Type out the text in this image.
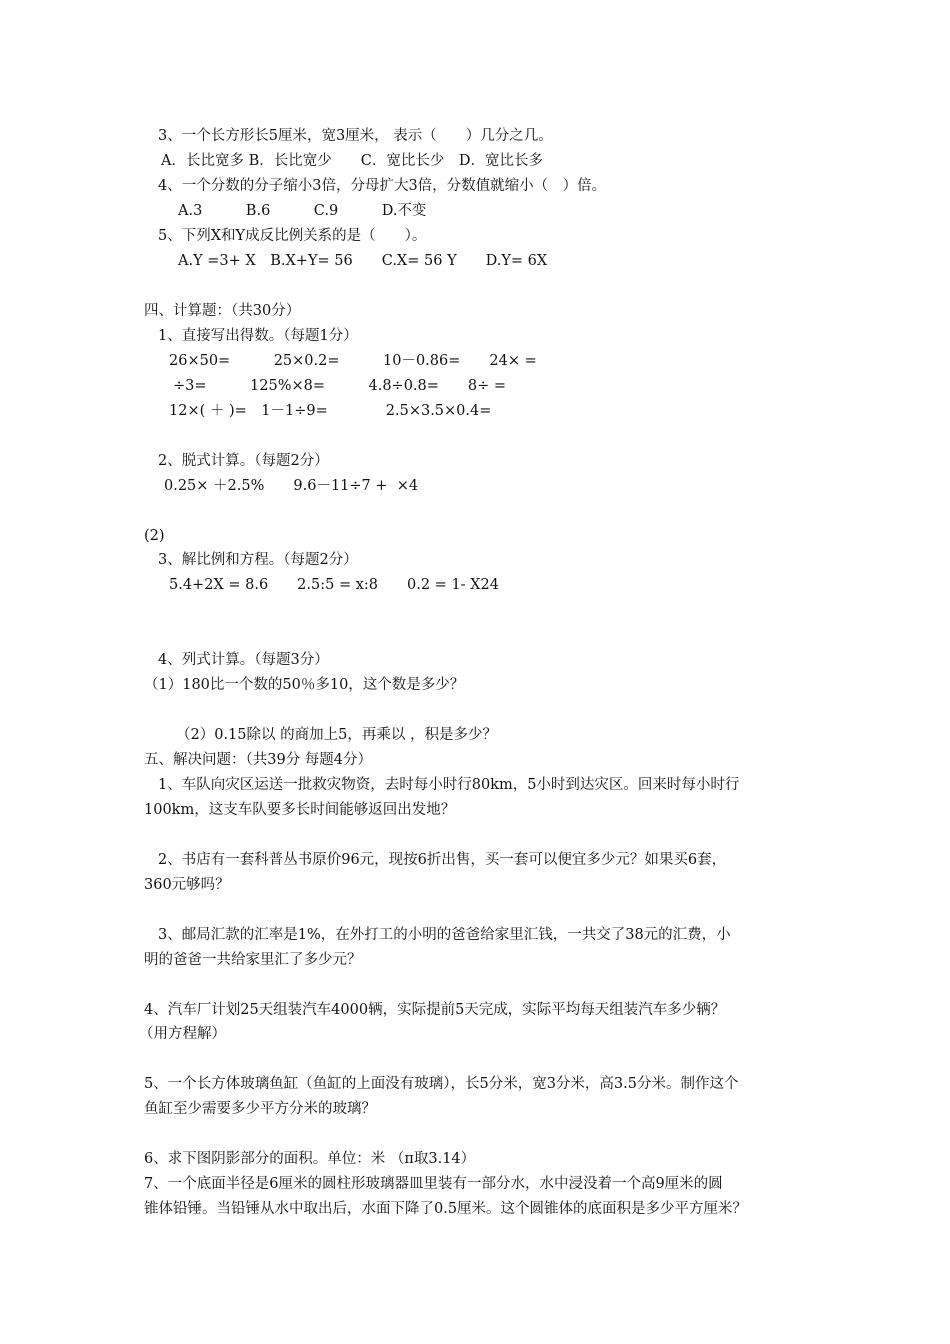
3、一个长方形长5厘米，宽3厘米， 表示（　　）几分之几。
A．长比宽多 B．长比宽少　　C．宽比长少　D．宽比长多
4、一个分数的分子缩小3倍，分母扩大3倍，分数值就缩小（　）倍。
A.3　　　B.6　　　C.9　　　D.不变
5、下列X和Y成反比例关系的是（　　）。
A.Y =3+ X　B.X+Y= 56　　C.X= 56 Y　　D.Y= 6X
四、计算题：（共30分）
1、直接写出得数。（每题1分）
26×50=　　　25×0.2=　　　10－0.86=　　24× =
÷3=　　　125%×8=　　　4.8÷0.8=　　8÷ =
12×( ＋ )=　1－1÷9=　　　　2.5×3.5×0.4=
2、脱式计算。（每题2分）
0.25× ＋2.5%　　9.6－11÷7 +  ×4
(2)
3、解比例和方程。（每题2分）
5.4+2X = 8.6　　2.5:5 = x:8　　0.2 = 1- X24
4、列式计算。（每题3分）
（1）180比一个数的50％多10，这个数是多少？
（2）0.15除以 的商加上5，再乘以 ，积是多少？
五、解决问题：（共39分 每题4分）
1、车队向灾区运送一批救灾物资，去时每小时行80km，5小时到达灾区。回来时每小时行
100km，这支车队要多长时间能够返回出发地？
2、书店有一套科普丛书原价96元，现按6折出售，买一套可以便宜多少元？如果买6套，
360元够吗？
3、邮局汇款的汇率是1%，在外打工的小明的爸爸给家里汇钱，一共交了38元的汇费，小
明的爸爸一共给家里汇了多少元？
4、汽车厂计划25天组装汽车4000辆，实际提前5天完成，实际平均每天组装汽车多少辆？
（用方程解）
5、一个长方体玻璃鱼缸（鱼缸的上面没有玻璃），长5分米，宽3分米，高3.5分米。制作这个
鱼缸至少需要多少平方分米的玻璃？
6、求下图阴影部分的面积。单位：米 （π取3.14）
7、一个底面半径是6厘米的圆柱形玻璃器皿里装有一部分水，水中浸没着一个高9厘米的圆
锥体铅锤。当铅锤从水中取出后，水面下降了0.5厘米。这个圆锥体的底面积是多少平方厘米？
